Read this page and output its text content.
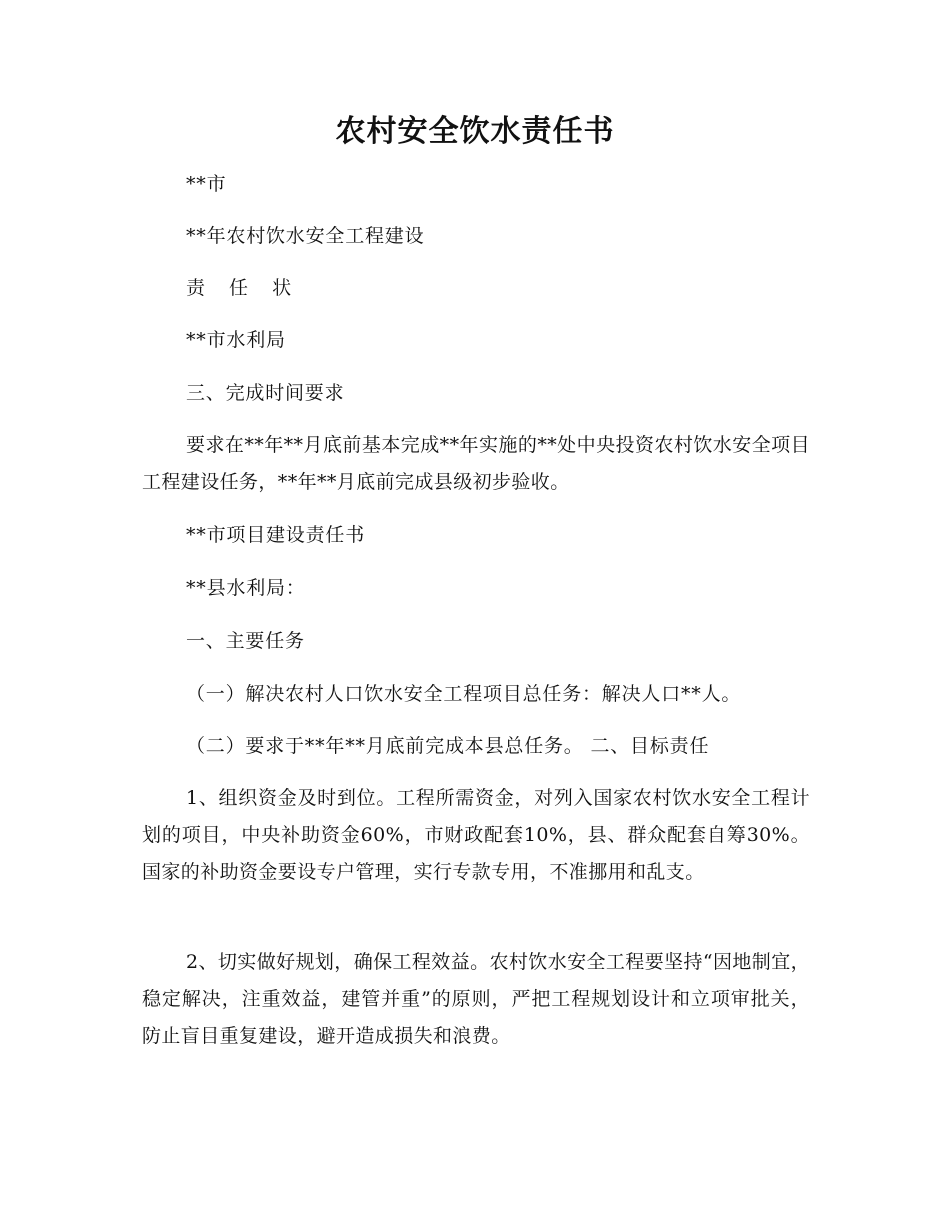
农村安全饮水责任书
**市
**年农村饮水安全工程建设
责 任 状
**市水利局
三、完成时间要求
要求在**年**月底前基本完成**年实施的**处中央投资农村饮水安全项目工程建设任务，**年**月底前完成县级初步验收。
**市项目建设责任书
**县水利局：
一、主要任务
（一）解决农村人口饮水安全工程项目总任务：解决人口**人。
（二）要求于**年**月底前完成本县总任务。 二、目标责任
1、组织资金及时到位。工程所需资金，对列入国家农村饮水安全工程计划的项目，中央补助资金60%，市财政配套10%，县、群众配套自筹30%。国家的补助资金要设专户管理，实行专款专用，不准挪用和乱支。
2、切实做好规划，确保工程效益。农村饮水安全工程要坚持“因地制宜，稳定解决，注重效益，建管并重”的原则，严把工程规划设计和立项审批关，防止盲目重复建设，避开造成损失和浪费。
